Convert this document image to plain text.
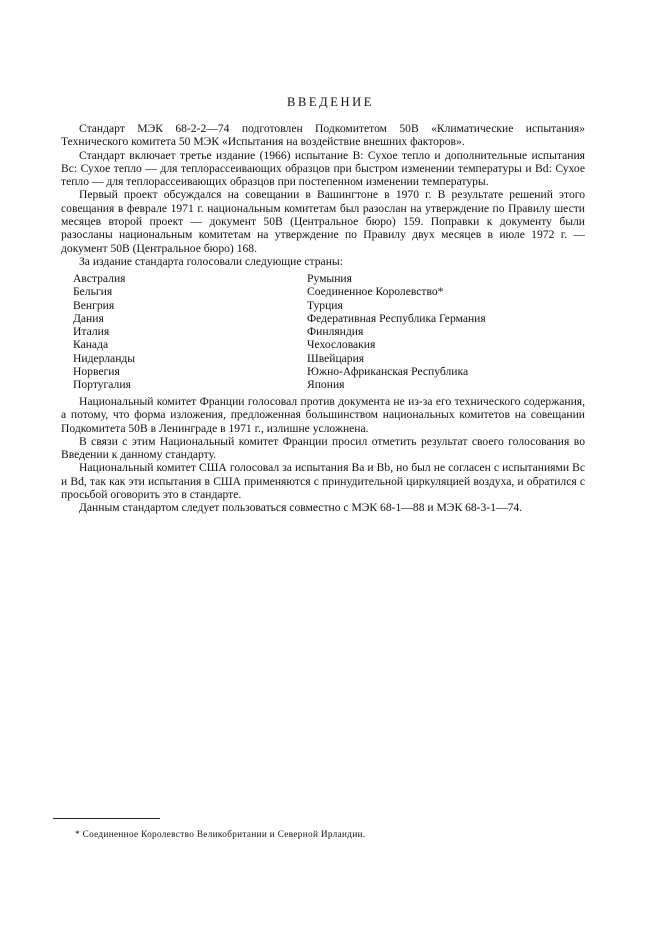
ВВЕДЕНИЕ

Стандарт МЭК 68-2-2—74 подготовлен Подкомитетом 50В «Климатические испытания» Технического комитета 50 МЭК «Испытания на воздействие внешних факторов».

Стандарт включает третье издание (1966) испытание В: Сухое тепло и дополнительные испытания Вс: Сухое тепло — для теплорассеивающих образцов при быстром изменении температуры и Bd: Сухое тепло — для теплорассеивающих образцов при постепенном изменении температуры.

Первый проект обсуждался на совещании в Вашингтоне в 1970 г. В результате решений этого совещания в феврале 1971 г. национальным комитетам был разослан на утверждение по Правилу шести месяцев второй проект — документ 50В (Центральное бюро) 159. Поправки к документу были разосланы национальным комитетам на утверждение по Правилу двух месяцев в июле 1972 г. — документ 50В (Центральное бюро) 168.

За издание стандарта голосовали следующие страны:

Австралия
Бельгия
Венгрия
Дания
Италия
Канада
Нидерланды
Норвегия
Португалия
Румыния
Соединенное Королевство*
Турция
Федеративная Республика Германия
Финляндия
Чехословакия
Швейцария
Южно-Африканская Республика
Япония

Национальный комитет Франции голосовал против документа не из-за его технического содержания, а потому, что форма изложения, предложенная большинством национальных комитетов на совещании Подкомитета 50В в Ленинграде в 1971 г., излишне усложнена.

В связи с этим Национальный комитет Франции просил отметить результат своего голосования во Введении к данному стандарту.

Национальный комитет США голосовал за испытания Ва и Bb, но был не согласен с испытаниями Вс и Bd, так как эти испытания в США применяются с принудительной циркуляцией воздуха, и обратился с просьбой оговорить это в стандарте.

Данным стандартом следует пользоваться совместно с МЭК 68-1—88 и МЭК 68-3-1—74.

* Соединенное Королевство Великобритании и Северной Ирландии.
